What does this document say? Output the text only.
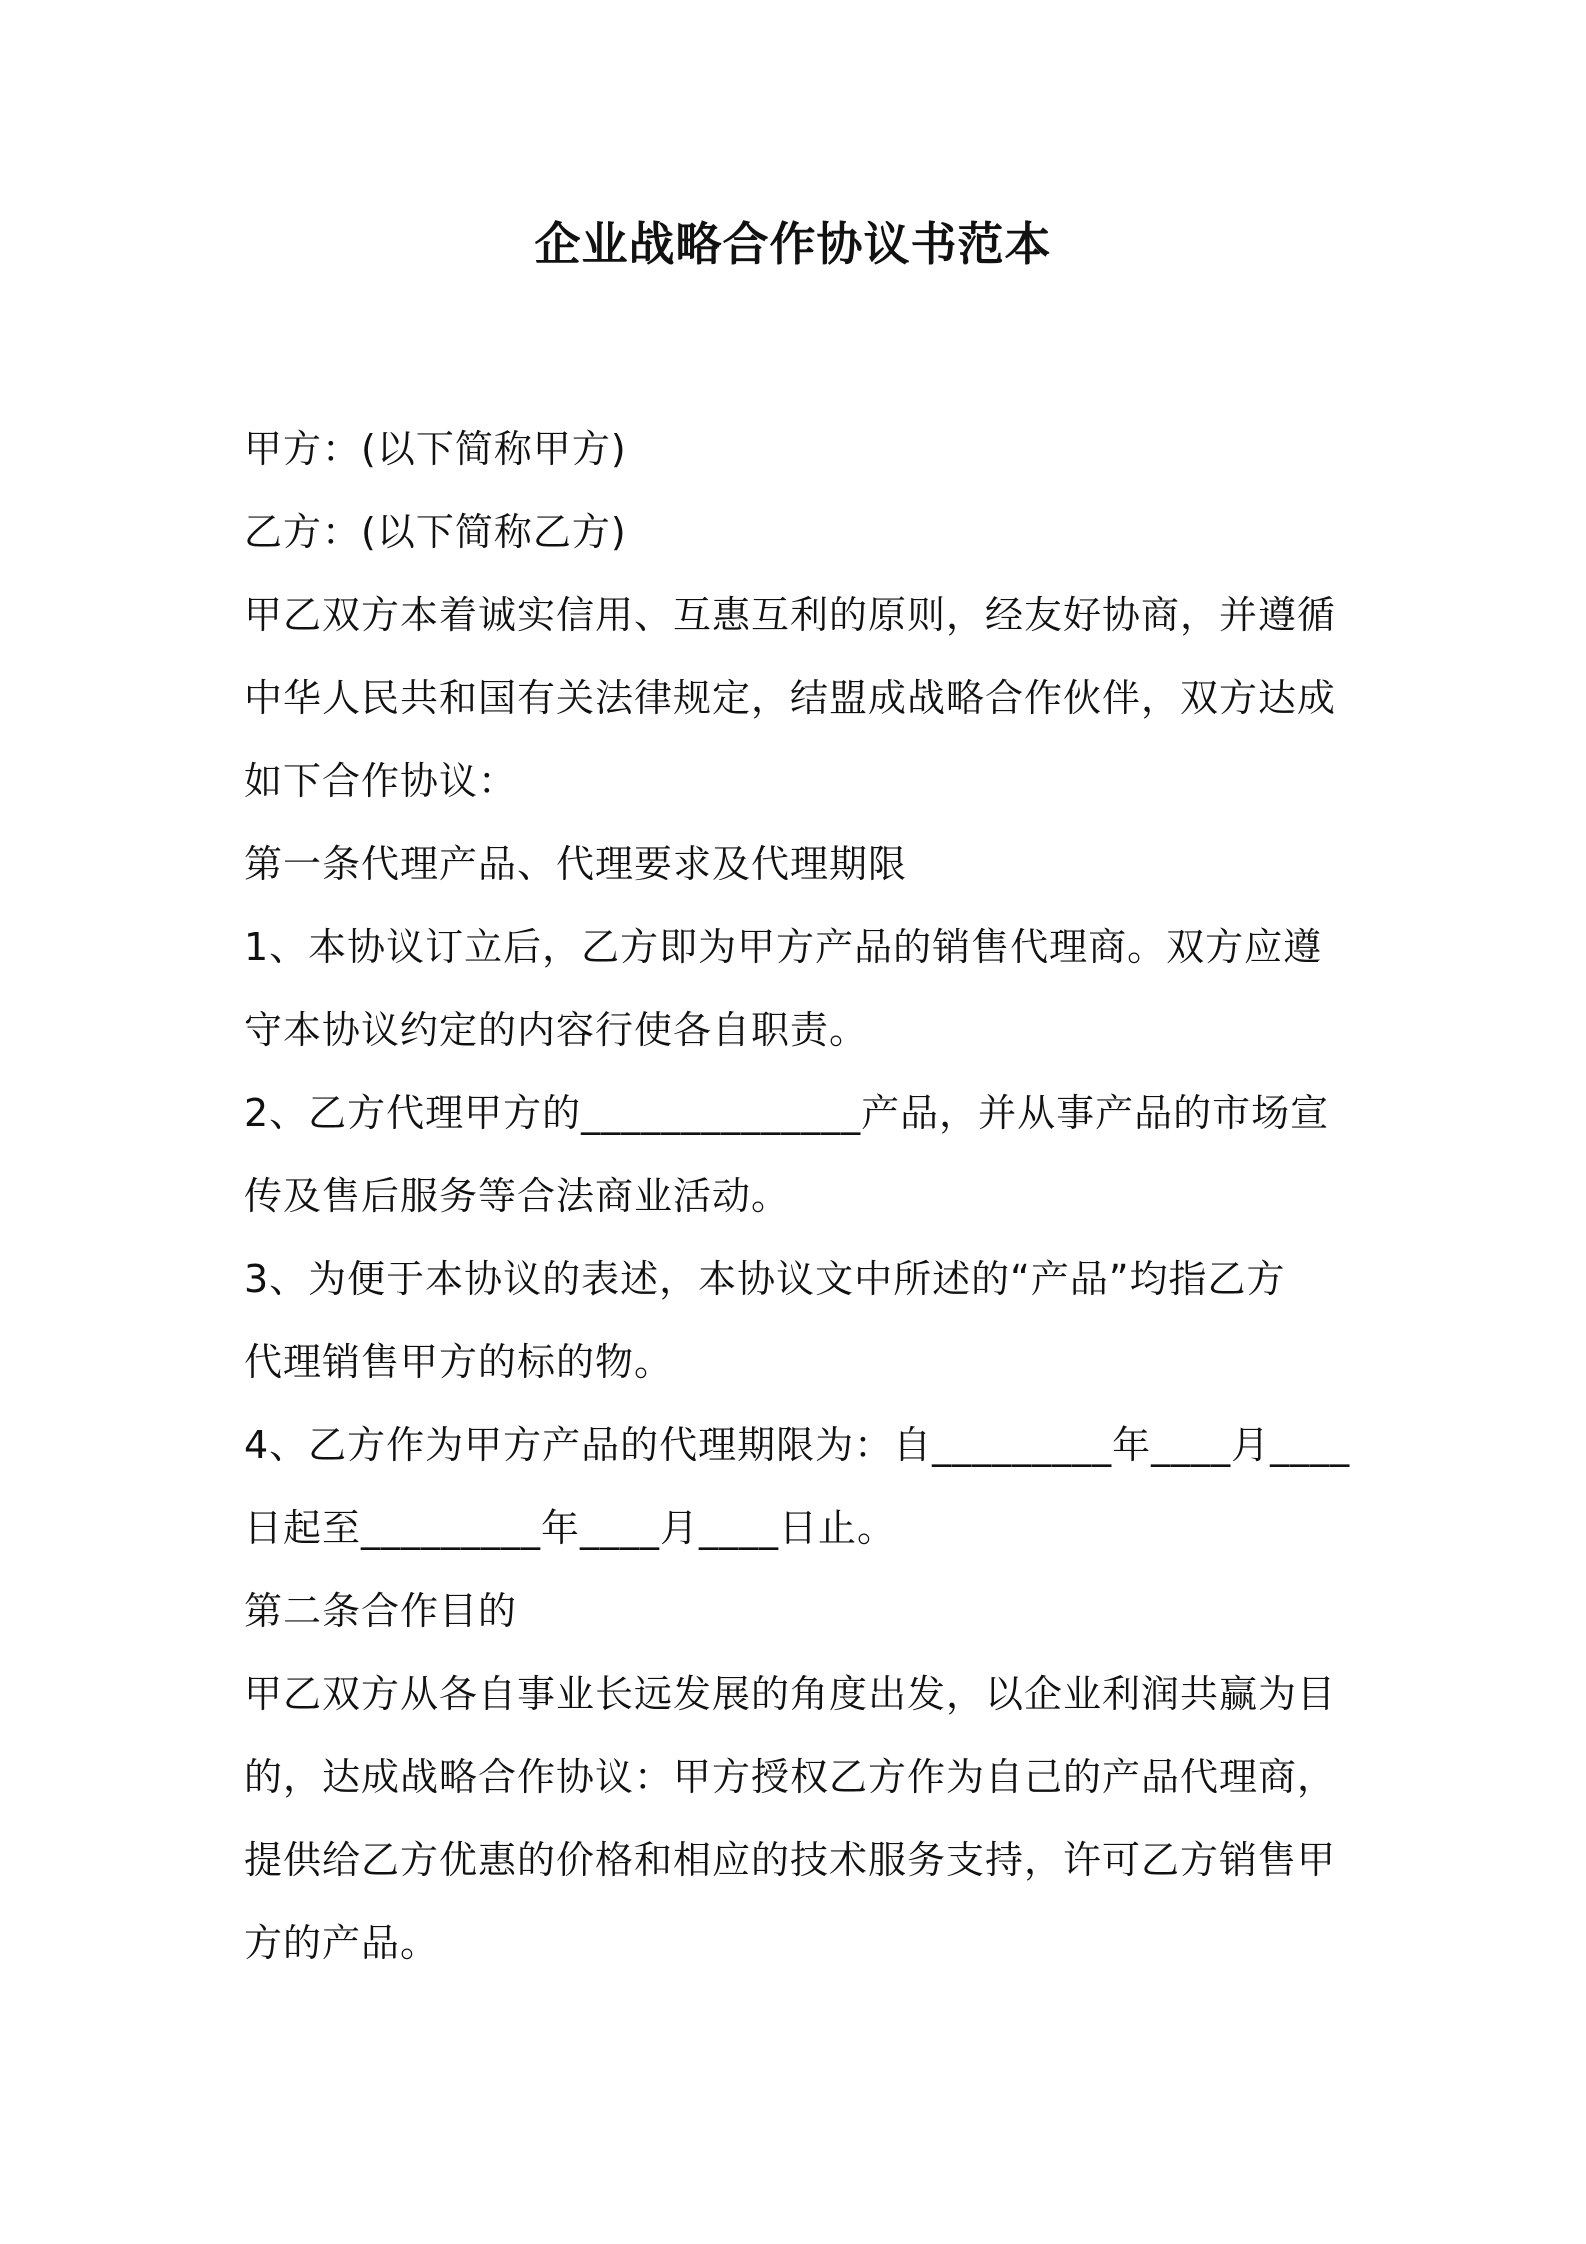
企业战略合作协议书范本
甲方：(以下简称甲方)
乙方：(以下简称乙方)
甲乙双方本着诚实信用、互惠互利的原则，经友好协商，并遵循
中华人民共和国有关法律规定，结盟成战略合作伙伴，双方达成
如下合作协议：
第一条代理产品、代理要求及代理期限
1、本协议订立后，乙方即为甲方产品的销售代理商。双方应遵
守本协议约定的内容行使各自职责。
2、乙方代理甲方的______________产品，并从事产品的市场宣
传及售后服务等合法商业活动。
3、为便于本协议的表述，本协议文中所述的“产品”均指乙方
代理销售甲方的标的物。
4、乙方作为甲方产品的代理期限为：自_________年____月____
日起至_________年____月____日止。
第二条合作目的
甲乙双方从各自事业长远发展的角度出发，以企业利润共赢为目
的，达成战略合作协议：甲方授权乙方作为自己的产品代理商，
提供给乙方优惠的价格和相应的技术服务支持，许可乙方销售甲
方的产品。
